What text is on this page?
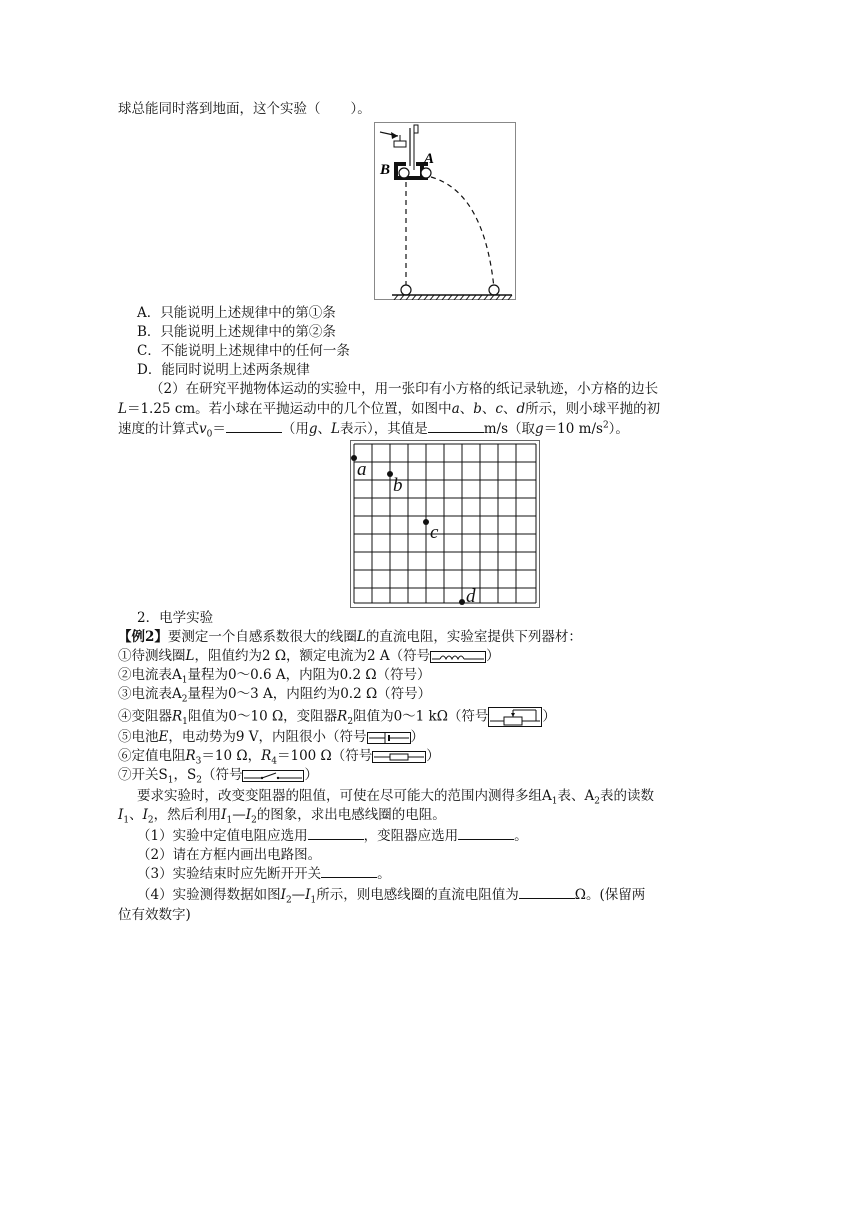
球总能同时落到地面，这个实验（ ）。
B
A
A．只能说明上述规律中的第①条
B．只能说明上述规律中的第②条
C．不能说明上述规律中的任何一条
D．能同时说明上述两条规律
（2）在研究平抛物体运动的实验中，用一张印有小方格的纸记录轨迹，小方格的边长
L＝1.25 cm。若小球在平抛运动中的几个位置，如图中a、b、c、d所示，则小球平抛的初
速度的计算式$v_0=$	（用g、L表示），其值是	m/s（取g＝10 $m/s^2$）。
a
b
c
d
2．电学实验
【例2】要测定一个自感系数很大的线圈L的直流电阻，实验室提供下列器材：
①待测线圈L，阻值约为2 Ω，额定电流为2 A（符号	）
②电流表$A_1$量程为0～0.6 A，内阻为0.2 Ω（符号）
③电流表$A_2$量程为0～3 A，内阻约为0.2 Ω（符号）
④变阻器$R_1$阻值为0～10 Ω，变阻器$R_2$阻值为0～1 kΩ（符号	）
⑤电池E，电动势为9 V，内阻很小（符号	）
⑥定值电阻$R_3=10$ Ω，$R_4=100$ Ω（符号	）
⑦开关$S_1$，$S_2$（符号	）
要求实验时，改变变阻器的阻值，可使在尽可能大的范围内测得多组$A_1$表、$A_2$表的读数
$I_1$、$I_2$，然后利用$I_1—I_2$的图象，求出电感线圈的电阻。
（1）实验中定值电阻应选用	，变阻器应选用	。
（2）请在方框内画出电路图。
（3）实验结束时应先断开开关	。
（4）实验测得数据如图$I_2—I_1$所示，则电感线圈的直流电阻值为	Ω。(保留两
位有效数字)
